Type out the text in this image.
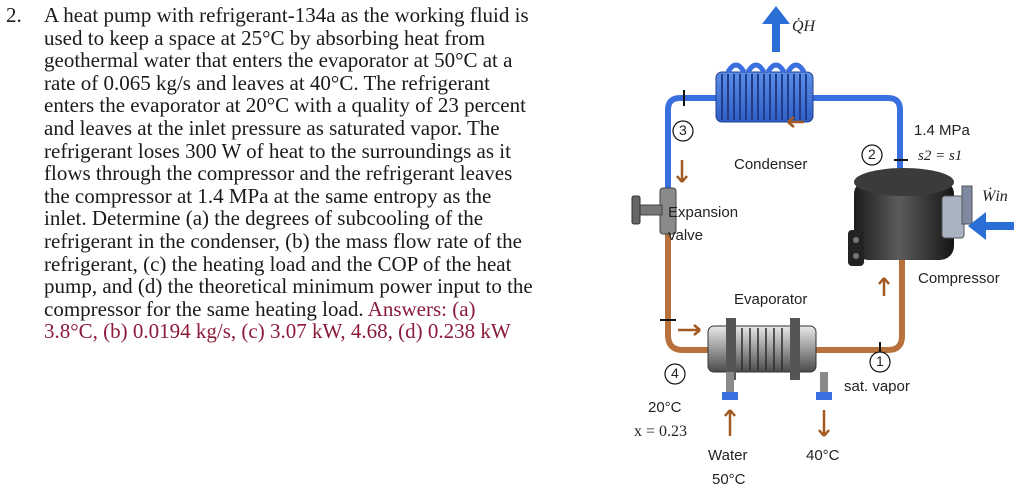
2. A heat pump with refrigerant-134a as the working fluid is
used to keep a space at 25°C by absorbing heat from
geothermal water that enters the evaporator at 50°C at a
rate of 0.065 kg/s and leaves at 40°C. The refrigerant
enters the evaporator at 20°C with a quality of 23 percent
and leaves at the inlet pressure as saturated vapor. The
refrigerant loses 300 W of heat to the surroundings as it
flows through the compressor and the refrigerant leaves
the compressor at 1.4 MPa at the same entropy as the
inlet. Determine (a) the degrees of subcooling of the
refrigerant in the condenser, (b) the mass flow rate of the
refrigerant, (c) the heating load and the COP of the heat
pump, and (d) the theoretical minimum power input to the
compressor for the same heating load. Answers: (a)
3.8°C, (b) 0.0194 kg/s, (c) 3.07 kW, 4.68, (d) 0.238 kW
Q̇H
Condenser
3
2
1
4
1.4 MPa
s2 = s1
Ẇin
Expansion
valve
Compressor
Evaporator
sat. vapor
20°C
x = 0.23
Water
50°C
40°C
